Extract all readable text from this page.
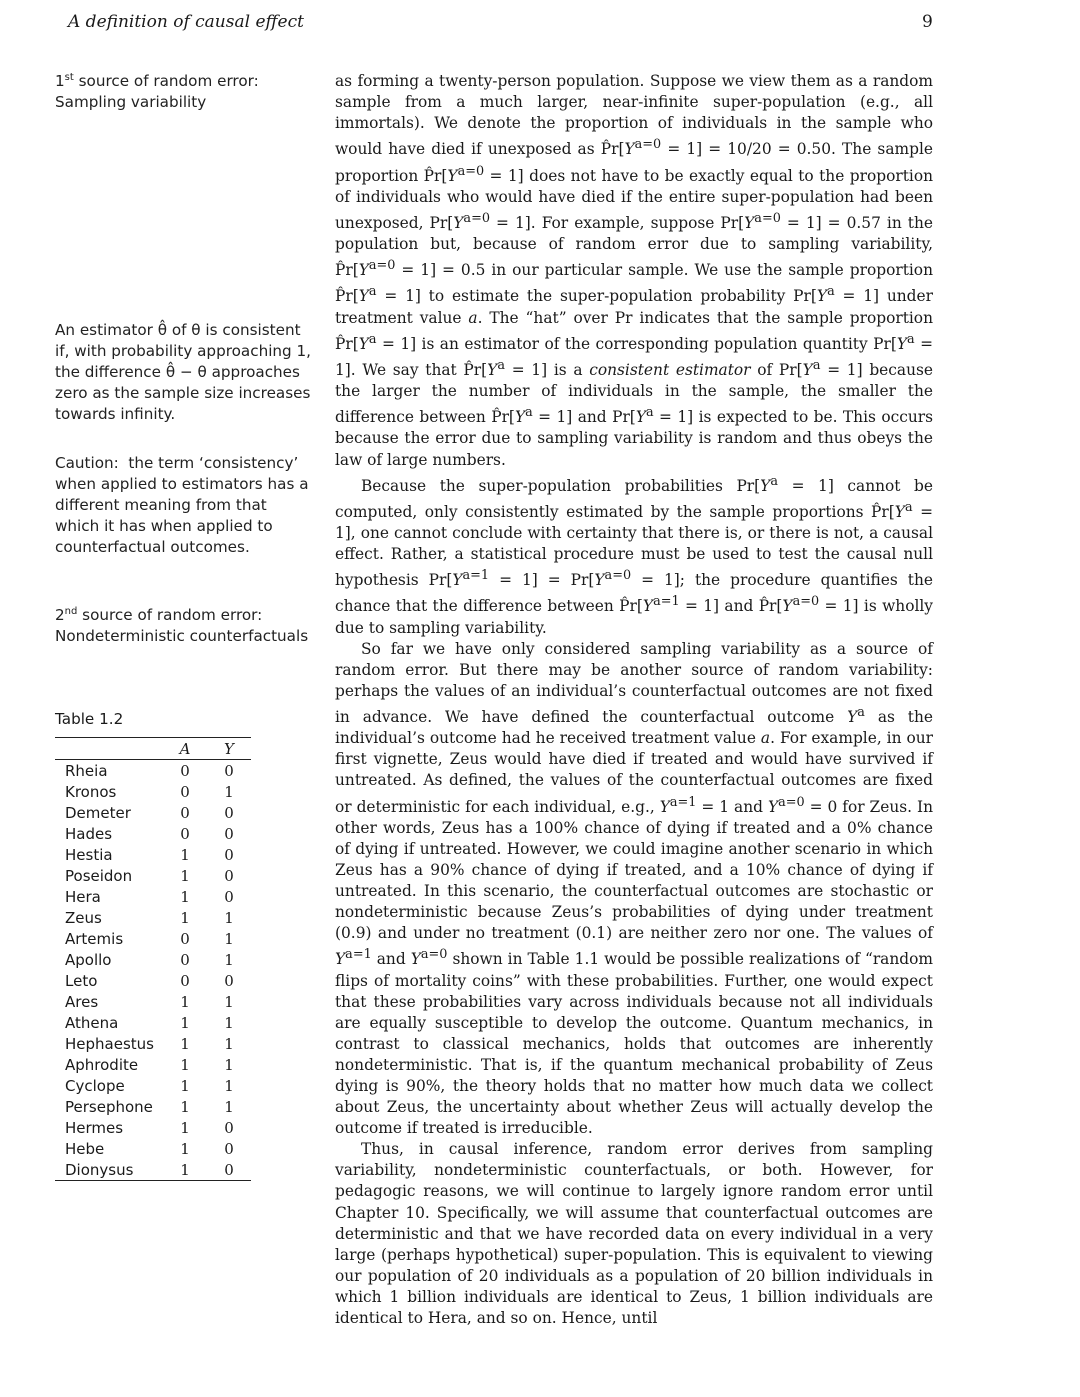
A definition of causal effect	9

1st source of random error:

Sampling variability

An estimator θ̂ of θ is consistent if, with probability approaching 1, the difference θ̂ − θ approaches zero as the sample size increases towards infinity.

Caution:  the term ‘consistency’ when applied to estimators has a different meaning from that which it has when applied to counterfactual outcomes.

2nd source of random error:

Nondeterministic counterfactuals

Table 1.2
	A	Y
Rheia	0	0
Kronos	0	1
Demeter	0	0
Hades	0	0
Hestia	1	0
Poseidon	1	0
Hera	1	0
Zeus	1	1
Artemis	0	1
Apollo	0	1
Leto	0	0
Ares	1	1
Athena	1	1
Hephaestus	1	1
Aphrodite	1	1
Cyclope	1	1
Persephone	1	1
Hermes	1	0
Hebe	1	0
Dionysus	1	0

as forming a twenty-person population. Suppose we view them as a random sample from a much larger, near-infinite super-population (e.g., all immortals). We denote the proportion of individuals in the sample who would have died if unexposed as $P̂r[Y^{a=0} = 1] = 10/20 = 0.50$. The sample proportion $P̂r[Y^{a=0} = 1]$ does not have to be exactly equal to the proportion of individuals who would have died if the entire super-population had been unexposed, $Pr[Y^{a=0} = 1]$. For example, suppose $Pr[Y^{a=0} = 1] = 0.57$ in the population but, because of random error due to sampling variability, $P̂r[Y^{a=0} = 1] = 0.5$ in our particular sample. We use the sample proportion $P̂r[Y^a = 1]$ to estimate the super-population probability $Pr[Y^a = 1]$ under treatment value a. The “hat” over Pr indicates that the sample proportion $P̂r[Y^a = 1]$ is an estimator of the corresponding population quantity $Pr[Y^a = 1]$. We say that $P̂r[Y^a = 1]$ is a consistent estimator of $Pr[Y^a = 1]$ because the larger the number of individuals in the sample, the smaller the difference between $P̂r[Y^a = 1]$ and $Pr[Y^a = 1]$ is expected to be. This occurs because the error due to sampling variability is random and thus obeys the law of large numbers.

Because the super-population probabilities $Pr[Y^a = 1]$ cannot be computed, only consistently estimated by the sample proportions $P̂r[Y^a = 1]$, one cannot conclude with certainty that there is, or there is not, a causal effect. Rather, a statistical procedure must be used to test the causal null hypothesis $Pr[Y^{a=1} = 1] = Pr[Y^{a=0} = 1]$; the procedure quantifies the chance that the difference between $P̂r[Y^{a=1} = 1]$ and $P̂r[Y^{a=0} = 1]$ is wholly due to sampling variability.

So far we have only considered sampling variability as a source of random error. But there may be another source of random variability: perhaps the values of an individual’s counterfactual outcomes are not fixed in advance. We have defined the counterfactual outcome $Y^a$ as the individual’s outcome had he received treatment value a. For example, in our first vignette, Zeus would have died if treated and would have survived if untreated. As defined, the values of the counterfactual outcomes are fixed or deterministic for each individual, e.g., $Y^{a=1} = 1$ and $Y^{a=0} = 0$ for Zeus. In other words, Zeus has a 100% chance of dying if treated and a 0% chance of dying if untreated. However, we could imagine another scenario in which Zeus has a 90% chance of dying if treated, and a 10% chance of dying if untreated. In this scenario, the counterfactual outcomes are stochastic or nondeterministic because Zeus’s probabilities of dying under treatment (0.9) and under no treatment (0.1) are neither zero nor one. The values of $Y^{a=1}$ and $Y^{a=0}$ shown in Table 1.1 would be possible realizations of “random flips of mortality coins” with these probabilities. Further, one would expect that these probabilities vary across individuals because not all individuals are equally susceptible to develop the outcome. Quantum mechanics, in contrast to classical mechanics, holds that outcomes are inherently nondeterministic. That is, if the quantum mechanical probability of Zeus dying is 90%, the theory holds that no matter how much data we collect about Zeus, the uncertainty about whether Zeus will actually develop the outcome if treated is irreducible.

Thus, in causal inference, random error derives from sampling variability, nondeterministic counterfactuals, or both. However, for pedagogic reasons, we will continue to largely ignore random error until Chapter 10. Specifically, we will assume that counterfactual outcomes are deterministic and that we have recorded data on every individual in a very large (perhaps hypothetical) super-population. This is equivalent to viewing our population of 20 individuals as a population of 20 billion individuals in which 1 billion individuals are identical to Zeus, 1 billion individuals are identical to Hera, and so on. Hence, until
